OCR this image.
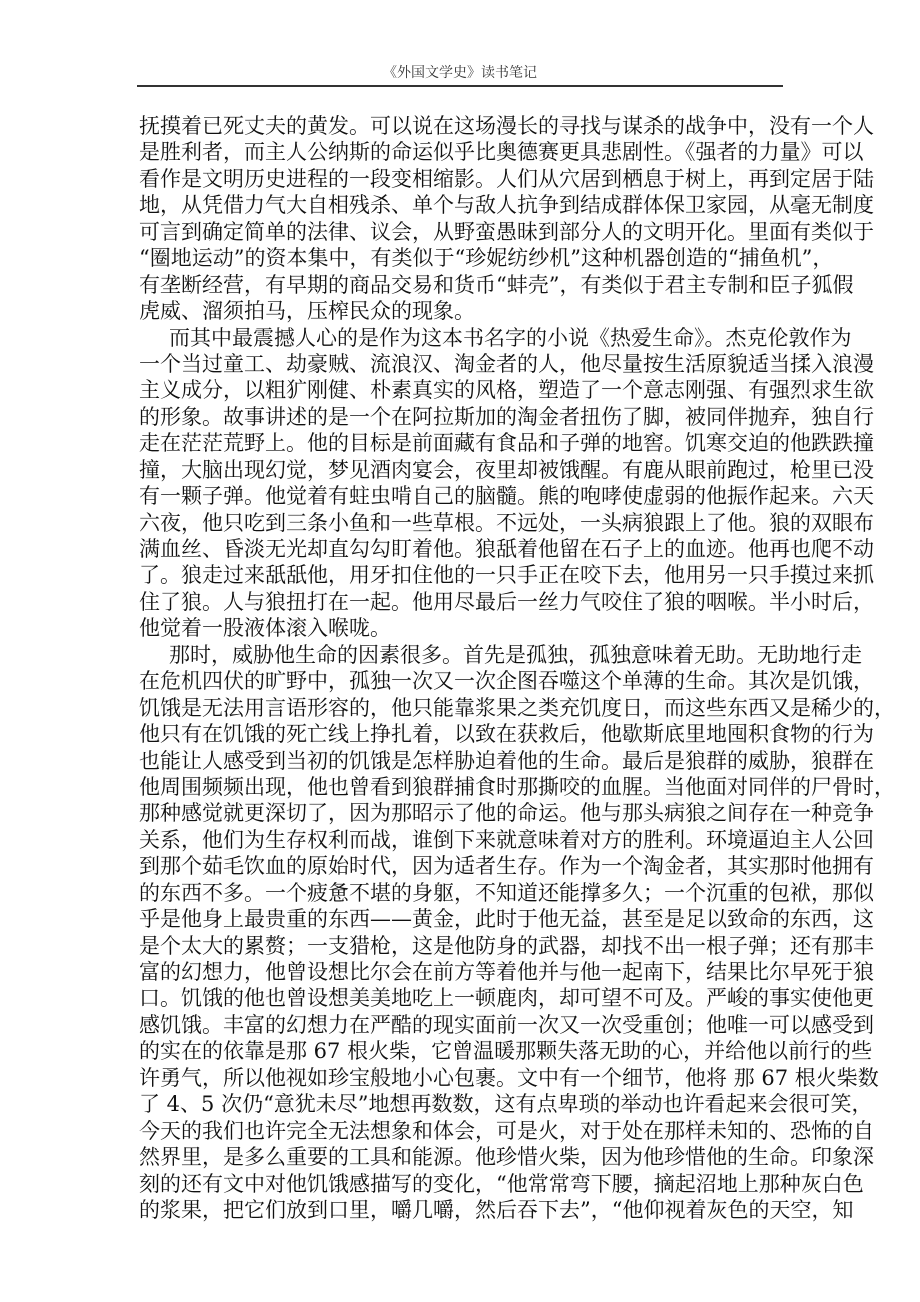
《外国文学史》读书笔记
抚摸着已死丈夫的黄发。可以说在这场漫长的寻找与谋杀的战争中，没有一个人
是胜利者，而主人公纳斯的命运似乎比奥德赛更具悲剧性。《强者的力量》可以
看作是文明历史进程的一段变相缩影。人们从穴居到栖息于树上，再到定居于陆
地，从凭借力气大自相残杀、单个与敌人抗争到结成群体保卫家园，从毫无制度
可言到确定简单的法律、议会，从野蛮愚昧到部分人的文明开化。里面有类似于
“圈地运动”的资本集中，有类似于“珍妮纺纱机”这种机器创造的“捕鱼机”，
有垄断经营，有早期的商品交易和货币“蚌壳”，有类似于君主专制和臣子狐假
虎威、溜须拍马，压榨民众的现象。
而其中最震撼人心的是作为这本书名字的小说《热爱生命》。杰克伦敦作为
一个当过童工、劫豪贼、流浪汉、淘金者的人，他尽量按生活原貌适当揉入浪漫
主义成分，以粗犷刚健、朴素真实的风格，塑造了一个意志刚强、有强烈求生欲
的形象。故事讲述的是一个在阿拉斯加的淘金者扭伤了脚，被同伴抛弃，独自行
走在茫茫荒野上。他的目标是前面藏有食品和子弹的地窖。饥寒交迫的他跌跌撞
撞，大脑出现幻觉，梦见酒肉宴会，夜里却被饿醒。有鹿从眼前跑过，枪里已没
有一颗子弹。他觉着有蛀虫啃自己的脑髓。熊的咆哮使虚弱的他振作起来。六天
六夜，他只吃到三条小鱼和一些草根。不远处，一头病狼跟上了他。狼的双眼布
满血丝、昏淡无光却直勾勾盯着他。狼舐着他留在石子上的血迹。他再也爬不动
了。狼走过来舐舐他，用牙扣住他的一只手正在咬下去，他用另一只手摸过来抓
住了狼。人与狼扭打在一起。他用尽最后一丝力气咬住了狼的咽喉。半小时后，
他觉着一股液体滚入喉咙。
那时，威胁他生命的因素很多。首先是孤独，孤独意味着无助。无助地行走
在危机四伏的旷野中，孤独一次又一次企图吞噬这个单薄的生命。其次是饥饿，
饥饿是无法用言语形容的，他只能靠浆果之类充饥度日，而这些东西又是稀少的，
他只有在饥饿的死亡线上挣扎着，以致在获救后，他歇斯底里地囤积食物的行为
也能让人感受到当初的饥饿是怎样胁迫着他的生命。最后是狼群的威胁，狼群在
他周围频频出现，他也曾看到狼群捕食时那撕咬的血腥。当他面对同伴的尸骨时，
那种感觉就更深切了，因为那昭示了他的命运。他与那头病狼之间存在一种竞争
关系，他们为生存权利而战，谁倒下来就意味着对方的胜利。环境逼迫主人公回
到那个茹毛饮血的原始时代，因为适者生存。作为一个淘金者，其实那时他拥有
的东西不多。一个疲惫不堪的身躯，不知道还能撑多久；一个沉重的包袱，那似
乎是他身上最贵重的东西——黄金，此时于他无益，甚至是足以致命的东西，这
是个太大的累赘；一支猎枪，这是他防身的武器，却找不出一根子弹；还有那丰
富的幻想力，他曾设想比尔会在前方等着他并与他一起南下，结果比尔早死于狼
口。饥饿的他也曾设想美美地吃上一顿鹿肉，却可望不可及。严峻的事实使他更
感饥饿。丰富的幻想力在严酷的现实面前一次又一次受重创；他唯一可以感受到
的实在的依靠是那 67 根火柴，它曾温暖那颗失落无助的心，并给他以前行的些
许勇气，所以他视如珍宝般地小心包裹。文中有一个细节，他将 那 67 根火柴数
了 4、5 次仍“意犹未尽”地想再数数，这有点卑琐的举动也许看起来会很可笑，
今天的我们也许完全无法想象和体会，可是火，对于处在那样未知的、恐怖的自
然界里，是多么重要的工具和能源。他珍惜火柴，因为他珍惜他的生命。印象深
刻的还有文中对他饥饿感描写的变化，“他常常弯下腰，摘起沼地上那种灰白色
的浆果，把它们放到口里，嚼几嚼，然后吞下去”，“他仰视着灰色的天空，知
